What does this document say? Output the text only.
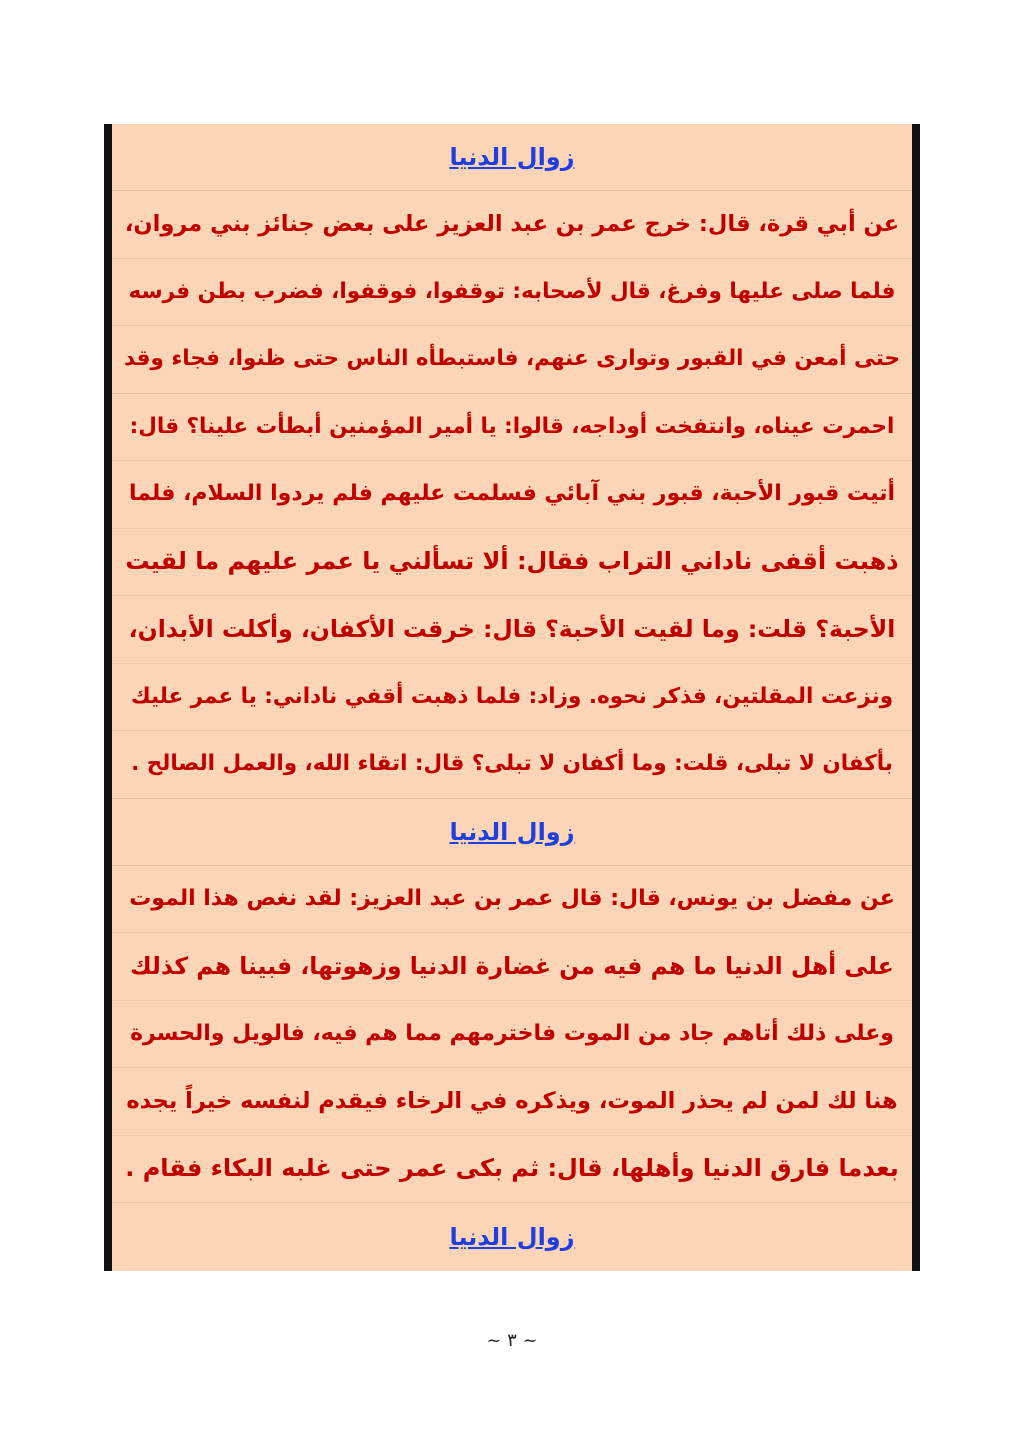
زوال الدنيا
عن أبي قرة، قال: خرج عمر بن عبد العزيز على بعض جنائز بني مروان،
فلما صلى عليها وفرغ، قال لأصحابه: توقفوا، فوقفوا، فضرب بطن فرسه
حتى أمعن في القبور وتوارى عنهم، فاستبطأه الناس حتى ظنوا، فجاء وقد
احمرت عيناه، وانتفخت أوداجه، قالوا: يا أمير المؤمنين أبطأت علينا؟ قال:
أتيت قبور الأحبة، قبور بني آبائي فسلمت عليهم فلم يردوا السلام، فلما
ذهبت أقفى ناداني التراب فقال: ألا تسألني يا عمر عليهم ما لقيت
الأحبة؟ قلت: وما لقيت الأحبة؟ قال: خرقت الأكفان، وأكلت الأبدان،
ونزعت المقلتين، فذكر نحوه. وزاد: فلما ذهبت أقفي ناداني: يا عمر عليك
بأكفان لا تبلى، قلت: وما أكفان لا تبلى؟ قال: اتقاء الله، والعمل الصالح .
زوال الدنيا
عن مفضل بن يونس، قال: قال عمر بن عبد العزيز: لقد نغص هذا الموت
على أهل الدنيا ما هم فيه من غضارة الدنيا وزهوتها، فبينا هم كذلك
وعلى ذلك أتاهم جاد من الموت فاخترمهم مما هم فيه، فالويل والحسرة
هنا لك لمن لم يحذر الموت، ويذكره في الرخاء فيقدم لنفسه خيراً يجده
بعدما فارق الدنيا وأهلها، قال: ثم بكى عمر حتى غلبه البكاء فقام .
زوال الدنيا
~ ٣ ~
